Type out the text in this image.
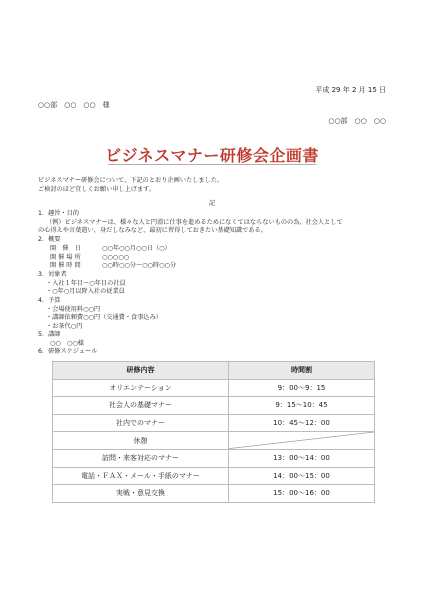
平成 29 年 2 月 15 日
○○部　○○　○○　様
○○部　○○　○○
ビジネスマナー研修会企画書
ビジネスマナー研修会について、下記のとおり企画いたしました。
ご検討のほど宜しくお願い申し上げます。
記
1．趣旨・目的
（例）ビジネスマナーは、様々な人と円滑に仕事を進めるためになくてはならないものの為、社会人として
の心得えや言葉遣い、身だしなみなど、最初に習得しておきたい基礎知識である。
2．概要
開　催　日	○○年○○月○○日（○）
開 催 場 所	○○○○○
開 催 時 間	○○時○○分～○○時○○分
3．対象者
・入社１年目～○年目の社員
・○年○月以降入社の従業員
4．予算
・会場使用料○○円
・講師依頼費○○円（交通費・食事込み）
・お茶代○円
5．講師
○○　○○様
6．研修スケジュール
研修内容	時間割
オリエンテーション	9：00～9：15
社会人の基礎マナー	9：15～10：45
社内でのマナー	10：45～12：00
休憩	

訪問・来客対応のマナー	13：00～14：00
電話・ＦＡＸ・メール・手紙のマナー	14：00～15：00
実戦・意見交換	15：00～16：00
